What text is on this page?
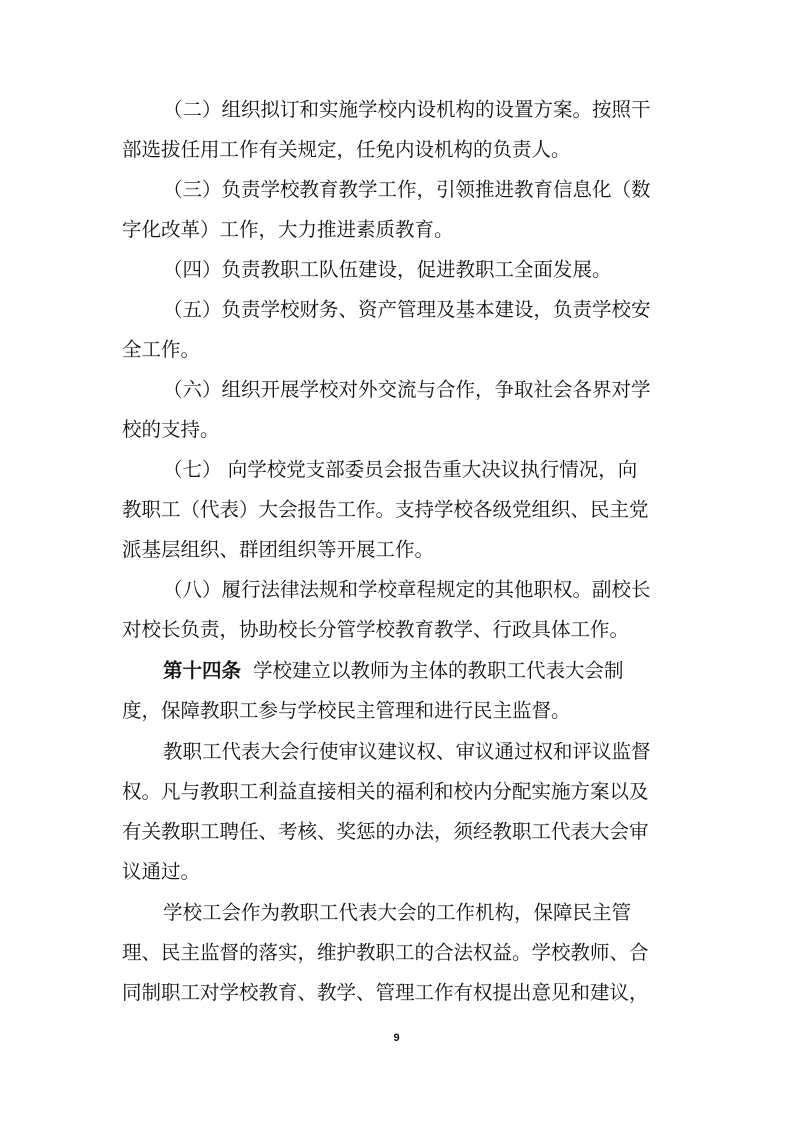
（二）组织拟订和实施学校内设机构的设置方案。按照干
部选拔任用工作有关规定，任免内设机构的负责人。
（三）负责学校教育教学工作，引领推进教育信息化（数
字化改革）工作，大力推进素质教育。
（四）负责教职工队伍建设，促进教职工全面发展。
（五）负责学校财务、资产管理及基本建设，负责学校安
全工作。
（六）组织开展学校对外交流与合作，争取社会各界对学
校的支持。
（七） 向学校党支部委员会报告重大决议执行情况，向
教职工（代表）大会报告工作。支持学校各级党组织、民主党
派基层组织、群团组织等开展工作。
（八）履行法律法规和学校章程规定的其他职权。副校长
对校长负责，协助校长分管学校教育教学、行政具体工作。
第十四条 学校建立以教师为主体的教职工代表大会制
度，保障教职工参与学校民主管理和进行民主监督。
教职工代表大会行使审议建议权、审议通过权和评议监督
权。凡与教职工利益直接相关的福利和校内分配实施方案以及
有关教职工聘任、考核、奖惩的办法，须经教职工代表大会审
议通过。
学校工会作为教职工代表大会的工作机构，保障民主管
理、民主监督的落实，维护教职工的合法权益。学校教师、合
同制职工对学校教育、教学、管理工作有权提出意见和建议，
9
